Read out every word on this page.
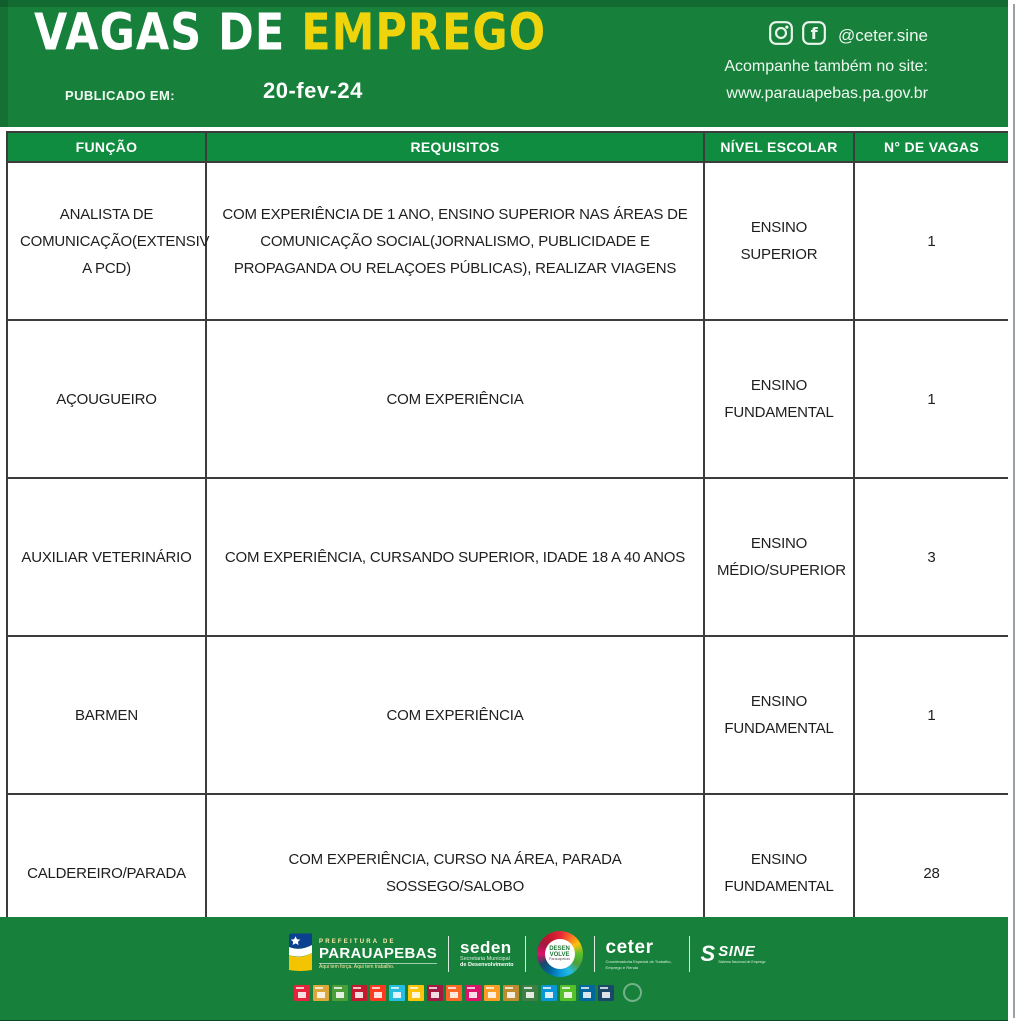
VAGAS DE EMPREGO
PUBLICADO EM:	20-fev-24
f @ceter.sine
Acompanhe também no site:
www.parauapebas.pa.gov.br
FUNÇÃO	REQUISITOS	NÍVEL ESCOLAR	N° DE VAGAS
ANALISTA DE COMUNICAÇÃO(EXTENSIV A PCD)	COM EXPERIÊNCIA DE 1 ANO, ENSINO SUPERIOR NAS ÁREAS DE COMUNICAÇÃO SOCIAL(JORNALISMO, PUBLICIDADE E PROPAGANDA OU RELAÇOES PÚBLICAS), REALIZAR VIAGENS	ENSINO SUPERIOR	1
AÇOUGUEIRO	COM EXPERIÊNCIA	ENSINO FUNDAMENTAL	1
AUXILIAR VETERINÁRIO	COM EXPERIÊNCIA, CURSANDO SUPERIOR, IDADE 18 A 40 ANOS	ENSINO MÉDIO/SUPERIOR	3
BARMEN	COM EXPERIÊNCIA	ENSINO FUNDAMENTAL	1
CALDEREIRO/PARADA	COM EXPERIÊNCIA, CURSO NA ÁREA, PARADA SOSSEGO/SALOBO	ENSINO FUNDAMENTAL	28
PREFEITURA DE
PARAUAPEBAS
Aqui tem força. Aqui tem trabalho.
seden
Secretaria Municipal
de Desenvolvimento
DESEN
VOLVE
Parauapebas
ceter
Coordenadoria Especial de Trabalho, Emprego e Renda
S SINE
Sistema Nacional de Emprego
